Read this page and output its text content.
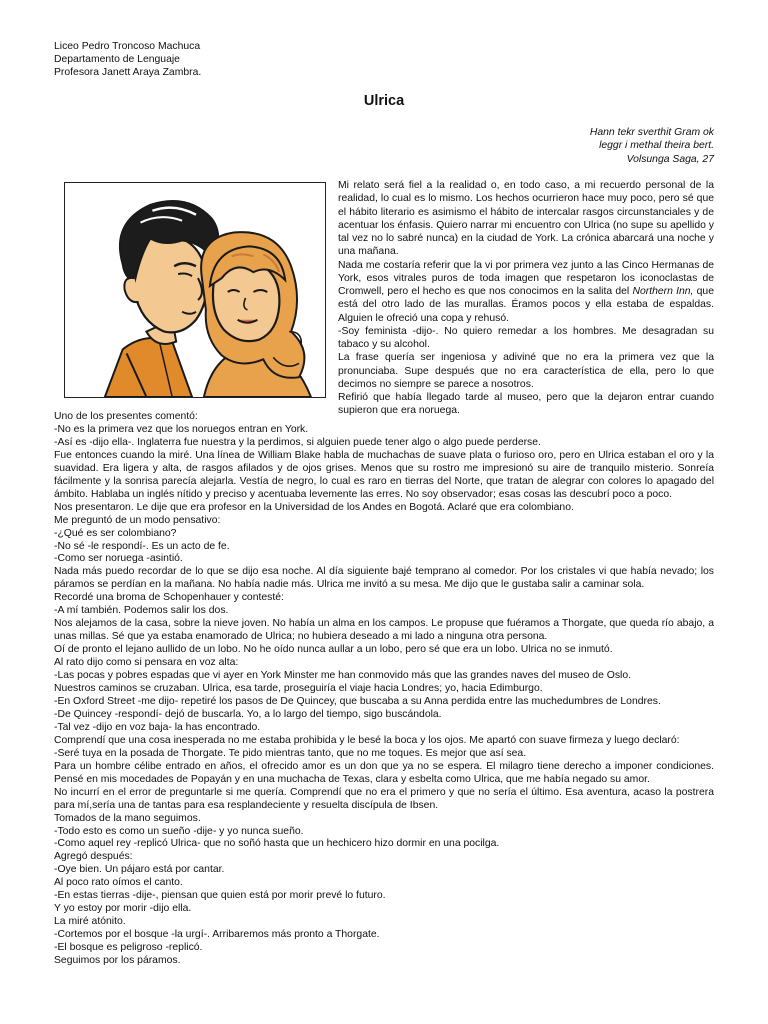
Liceo Pedro Troncoso Machuca
Departamento de Lenguaje
Profesora Janett Araya Zambra.
Ulrica
Hann tekr sverthit Gram ok
leggr i methal theira bert.
Volsunga Saga, 27

Mi relato será fiel a la realidad o, en todo caso, a mi recuerdo personal de la realidad, lo cual es lo mismo. Los hechos ocurrieron hace muy poco, pero sé que el hábito literario es asimismo el hábito de intercalar rasgos circunstanciales y de acentuar los énfasis. Quiero narrar mi encuentro con Ulrica (no supe su apellido y tal vez no lo sabré nunca) en la ciudad de York. La crónica abarcará una noche y una mañana.

Nada me costaría referir que la vi por primera vez junto a las Cinco Hermanas de York, esos vitrales puros de toda imagen que respetaron los iconoclastas de Cromwell, pero el hecho es que nos conocimos en la salita del Northern Inn, que está del otro lado de las murallas. Éramos pocos y ella estaba de espaldas. Alguien le ofreció una copa y rehusó.

-Soy feminista -dijo-. No quiero remedar a los hombres. Me desagradan su tabaco y su alcohol.

La frase quería ser ingeniosa y adiviné que no era la primera vez que la pronunciaba. Supe después que no era característica de ella, pero lo que decimos no siempre se parece a nosotros.

Refirió que había llegado tarde al museo, pero que la dejaron entrar cuando supieron que era noruega.

Uno de los presentes comentó:

-No es la primera vez que los noruegos entran en York.

-Así es -dijo ella-. Inglaterra fue nuestra y la perdimos, si alguien puede tener algo o algo puede perderse.

Fue entonces cuando la miré. Una línea de William Blake habla de muchachas de suave plata o furioso oro, pero en Ulrica estaban el oro y la suavidad. Era ligera y alta, de rasgos afilados y de ojos grises. Menos que su rostro me impresionó su aire de tranquilo misterio. Sonreía fácilmente y la sonrisa parecía alejarla. Vestía de negro, lo cual es raro en tierras del Norte, que tratan de alegrar con colores lo apagado del ámbito. Hablaba un inglés nítido y preciso y acentuaba levemente las erres. No soy observador; esas cosas las descubrí poco a poco.

Nos presentaron. Le dije que era profesor en la Universidad de los Andes en Bogotá. Aclaré que era colombiano.

Me preguntó de un modo pensativo:

-¿Qué es ser colombiano?

-No sé -le respondí-. Es un acto de fe.

-Como ser noruega -asintió.

Nada más puedo recordar de lo que se dijo esa noche. Al día siguiente bajé temprano al comedor. Por los cristales vi que había nevado; los páramos se perdían en la mañana. No había nadie más. Ulrica me invitó a su mesa. Me dijo que le gustaba salir a caminar sola.

Recordé una broma de Schopenhauer y contesté:

-A mí también. Podemos salir los dos.

Nos alejamos de la casa, sobre la nieve joven. No había un alma en los campos. Le propuse que fuéramos a Thorgate, que queda río abajo, a unas millas. Sé que ya estaba enamorado de Ulrica; no hubiera deseado a mi lado a ninguna otra persona.

Oí de pronto el lejano aullido de un lobo. No he oído nunca aullar a un lobo, pero sé que era un lobo. Ulrica no se inmutó.

Al rato dijo como si pensara en voz alta:

-Las pocas y pobres espadas que vi ayer en York Minster me han conmovido más que las grandes naves del museo de Oslo.

Nuestros caminos se cruzaban. Ulrica, esa tarde, proseguiría el viaje hacia Londres; yo, hacia Edimburgo.

-En Oxford Street -me dijo- repetiré los pasos de De Quincey, que buscaba a su Anna perdida entre las muchedumbres de Londres.

-De Quincey -respondí- dejó de buscarla. Yo, a lo largo del tiempo, sigo buscándola.

-Tal vez -dijo en voz baja- la has encontrado.

Comprendí que una cosa inesperada no me estaba prohibida y le besé la boca y los ojos. Me apartó con suave firmeza y luego declaró:

-Seré tuya en la posada de Thorgate. Te pido mientras tanto, que no me toques. Es mejor que así sea.

Para un hombre célibe entrado en años, el ofrecido amor es un don que ya no se espera. El milagro tiene derecho a imponer condiciones. Pensé en mis mocedades de Popayán y en una muchacha de Texas, clara y esbelta como Ulrica, que me había negado su amor.

No incurrí en el error de preguntarle si me quería. Comprendí que no era el primero y que no sería el último. Esa aventura, acaso la postrera para mí,sería una de tantas para esa resplandeciente y resuelta discípula de Ibsen.

Tomados de la mano seguimos.

-Todo esto es como un sueño -dije- y yo nunca sueño.

-Como aquel rey -replicó Ulrica- que no soñó hasta que un hechicero hizo dormir en una pocilga.

Agregó después:

-Oye bien. Un pájaro está por cantar.

Al poco rato oímos el canto.

-En estas tierras -dije-, piensan que quien está por morir prevé lo futuro.

Y yo estoy por morir -dijo ella.

La miré atónito.

-Cortemos por el bosque -la urgí-. Arribaremos más pronto a Thorgate.

-El bosque es peligroso -replicó.

Seguimos por los páramos.
